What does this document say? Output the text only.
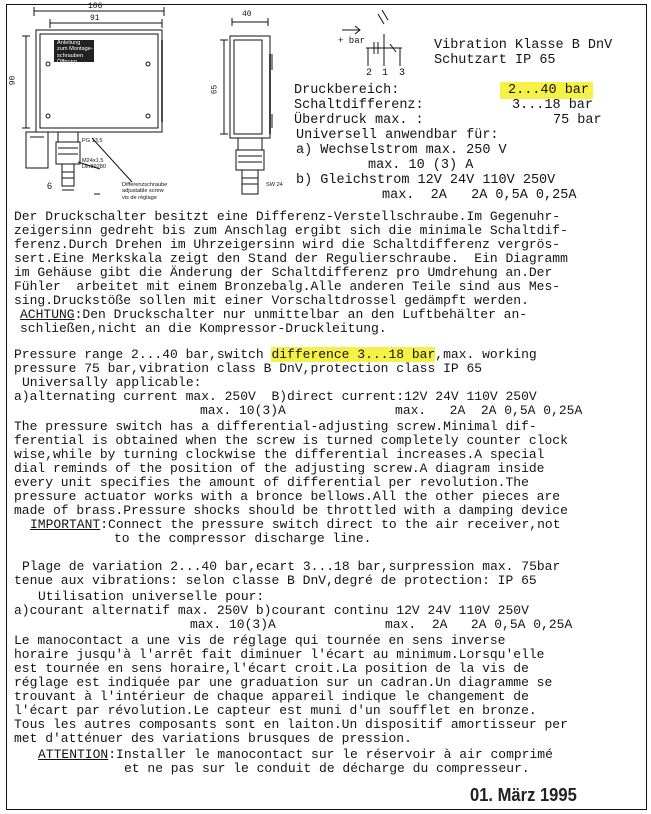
106
91
90
Anleitung
zum Montage-
schrauben
Öffnung
für
Regulierschraube
PG 13,5
M24x1,5
Din89280
6	Differenzschraube
adjustable screw
vis de réglage
40
65
SW 24
+ bar
2 1 3
Vibration Klasse B DnV
Schutzart IP 65
Druckbereich:	2...40 bar
Schaltdifferenz:	3...18 bar
Überdruck max. :	75 bar
Universell anwendbar für:
a) Wechselstrom max. 250 V
max. 10 (3) A
b) Gleichstrom 12V 24V 110V 250V
max.  2A   2A 0,5A 0,25A
Der Druckschalter besitzt eine Differenz-Verstellschraube.Im Gegenuhr-
zeigersinn gedreht bis zum Anschlag ergibt sich die minimale Schaltdif-
ferenz.Durch Drehen im Uhrzeigersinn wird die Schaltdifferenz vergrös-
sert.Eine Merkskala zeigt den Stand der Regulierschraube.  Ein Diagramm
im Gehäuse gibt die Änderung der Schaltdifferenz pro Umdrehung an.Der
Fühler  arbeitet mit einem Bronzebalg.Alle anderen Teile sind aus Mes-
sing.Druckstöße sollen mit einer Vorschaltdrossel gedämpft werden.
ACHTUNG:Den Druckschalter nur unmittelbar an den Luftbehälter an-
schließen,nicht an die Kompressor-Druckleitung.
Pressure range 2...40 bar,switch difference 3...18 bar,max. working
pressure 75 bar,vibration class B DnV,protection class IP 65
Universally applicable:
a)alternating current max. 250V  B)direct current:12V 24V 110V 250V
max. 10(3)A              max.   2A  2A 0,5A 0,25A
The pressure switch has a differential-adjusting screw.Minimal dif-
ferential is obtained when the screw is turned completely counter clock
wise,while by turning clockwise the differential increases.A special
dial reminds of the position of the adjusting screw.A diagram inside
every unit specifies the amount of differential per revolution.The
pressure actuator works with a bronce bellows.All the other pieces are
made of brass.Pressure shocks should be throttled with a damping device
IMPORTANT:Connect the pressure switch direct to the air receiver,not
to the compressor discharge line.
Plage de variation 2...40 bar,ecart 3...18 bar,surpression max. 75bar
tenue aux vibrations: selon classe B DnV,degré de protection: IP 65
Utilisation universelle pour:
a)courant alternatif max. 250V b)courant continu 12V 24V 110V 250V
max. 10(3)A              max.  2A   2A 0,5A 0,25A
Le manocontact a une vis de réglage qui tournée en sens inverse
horaire jusqu'à l'arrêt fait diminuer l'écart au minimum.Lorsqu'elle
est tournée en sens horaire,l'écart croit.La position de la vis de
réglage est indiquée par une graduation sur un cadran.Un diagramme se
trouvant à l'intérieur de chaque appareil indique le changement de
l'écart par révolution.Le capteur est muni d'un soufflet en bronze.
Tous les autres composants sont en laiton.Un dispositif amortisseur per
met d'atténuer des variations brusques de pression.
ATTENTION:Installer le manocontact sur le réservoir à air comprimé
et ne pas sur le conduit de décharge du compresseur.
01. März 1995
